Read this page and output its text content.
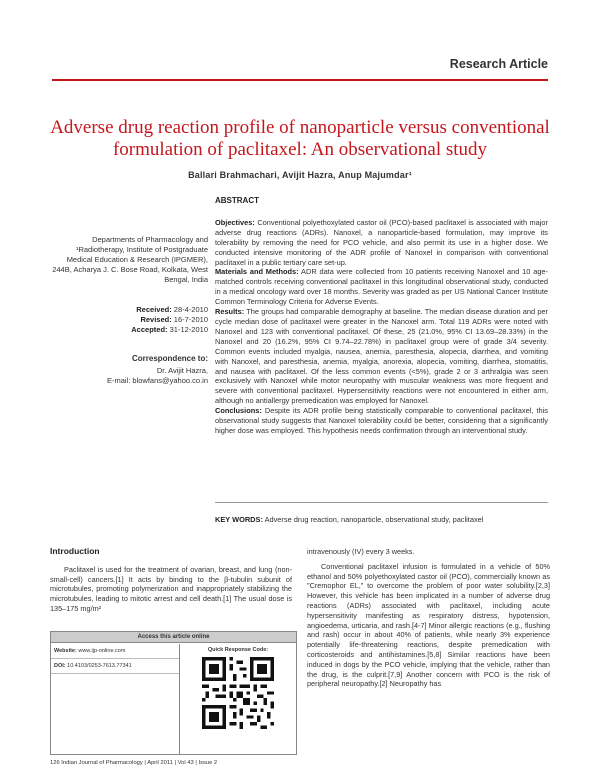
Research Article
Adverse drug reaction profile of nanoparticle versus conventional formulation of paclitaxel: An observational study
Ballari Brahmachari, Avijit Hazra, Anup Majumdar¹
Departments of Pharmacology and ¹Radiotherapy, Institute of Postgraduate Medical Education & Research (IPGMER), 244B, Acharya J. C. Bose Road, Kolkata, West Bengal, India
Received: 28-4-2010
Revised: 16-7-2010
Accepted: 31-12-2010
Correspondence to:
Dr. Avijit Hazra,
E-mail: blowfans@yahoo.co.in
ABSTRACT

Objectives: Conventional polyethoxylated castor oil (PCO)-based paclitaxel is associated with major adverse drug reactions (ADRs). Nanoxel, a nanoparticle-based formulation, may improve its tolerability by removing the need for PCO vehicle, and also permit its use in a higher dose. We conducted intensive monitoring of the ADR profile of Nanoxel in comparison with conventional paclitaxel in a public tertiary care set-up.

Materials and Methods: ADR data were collected from 10 patients receiving Nanoxel and 10 age-matched controls receiving conventional paclitaxel in this longitudinal observational study, conducted in a medical oncology ward over 18 months. Severity was graded as per US National Cancer Institute Common Terminology Criteria for Adverse Events.

Results: The groups had comparable demography at baseline. The median disease duration and per cycle median dose of paclitaxel were greater in the Nanoxel arm. Total 119 ADRs were noted with Nanoxel and 123 with conventional paclitaxel. Of these, 25 (21.0%, 95% CI 13.69–28.33%) in the Nanoxel and 20 (16.2%, 95% CI 9.74–22.78%) in paclitaxel group were of grade 3/4 severity. Common events included myalgia, nausea, anemia, paresthesia, alopecia, diarrhea, and vomiting with Nanoxel, and paresthesia, anemia, myalgia, anorexia, alopecia, vomiting, diarrhea, stomatitis, and nausea with paclitaxel. Of the less common events (<5%), grade 2 or 3 arthralgia was seen exclusively with Nanoxel while motor neuropathy with muscular weakness was more frequent and severe with conventional paclitaxel. Hypersensitivity reactions were not encountered in either arm, although no antiallergy premedication was employed for Nanoxel.

Conclusions: Despite its ADR profile being statistically comparable to conventional paclitaxel, this observational study suggests that Nanoxel tolerability could be better, considering that a significantly higher dose was employed. This hypothesis needs confirmation through an interventional study.

KEY WORDS: Adverse drug reaction, nanoparticle, observational study, paclitaxel
Introduction

Paclitaxel is used for the treatment of ovarian, breast, and lung (non-small-cell) cancers.[1] It acts by binding to the β-tubulin subunit of microtubules, promoting polymerization and inappropriately stabilizing the microtubules, leading to mitotic arrest and cell death.[1] The usual dose is 135–175 mg/m²

intravenously (IV) every 3 weeks.

Conventional paclitaxel infusion is formulated in a vehicle of 50% ethanol and 50% polyethoxylated castor oil (PCO), commercially known as "Cremophor EL," to overcome the problem of poor water solubility.[2,3] However, this vehicle has been implicated in a number of adverse drug reactions (ADRs) associated with paclitaxel, including acute hypersensitivity manifesting as respiratory distress, hypotension, angioedema, urticaria, and rash.[4-7] Minor allergic reactions (e.g., flushing and rash) occur in about 40% of patients, while nearly 3% experience potentially life-threatening reactions, despite premedication with corticosteroids and antihistamines.[5,8] Similar reactions have been induced in dogs by the PCO vehicle, implying that the vehicle, rather than the drug, is the culprit.[7,9] Another concern with PCO is the risk of peripheral neuropathy.[2] Neuropathy has

Access this article online
Website: www.ijp-online.com
DOI: 10.4103/0253-7613.77341
Quick Response Code:
126 Indian Journal of Pharmacology | April 2011 | Vol 43 | Issue 2
